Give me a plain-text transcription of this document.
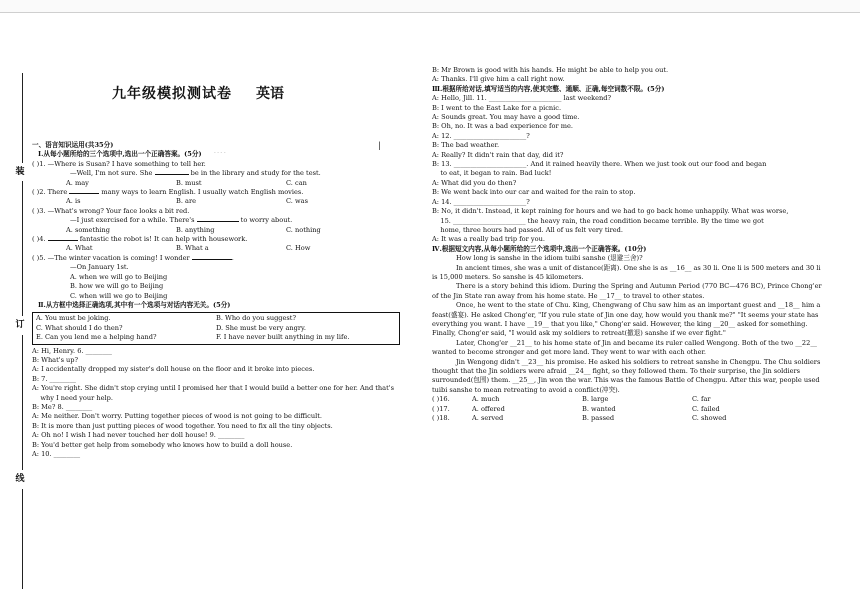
装
订
线
九年级模拟测试卷 英语
- - - -
|
一、语言知识运用(共35分)
Ⅰ.从每小题所给的三个选项中,选出一个正确答案。(5分)
( )1. —Where is Susan? I have something to tell her.
—Well, I'm not sure. She	be in the library and study for the test.
A. may	B. must	C. can
( )2. There	many ways to learn English. I usually watch English movies.
A. is	B. are	C. was
( )3. —What's wrong? Your face looks a bit red.
—I just exercised for a while. There's	to worry about.
A. something	B. anything	C. nothing
( )4.	fantastic the robot is! It can help with housework.
A. What	B. What a	C. How
( )5. —The winter vacation is coming! I wonder	.
—On January 1st.
A. when we will go to Beijing
B. how we will go to Beijing
C. when will we go to Beijing
Ⅱ.从方框中选择正确选项,其中有一个选项与对话内容无关。(5分)
A. You must be joking.	B. Who do you suggest?
C. What should I do then?	D. She must be very angry.
E. Can you lend me a helping hand?	F. I have never built anything in my life.
A: Hi, Henry. 6. ________
B: What's up?
A: I accidentally dropped my sister's doll house on the floor and it broke into pieces.
B: 7. ________
A: You're right. She didn't stop crying until I promised her that I would build a better one for her. And that's
why I need your help.
B: Me? 8. ________
A: Me neither. Don't worry. Putting together pieces of wood is not going to be difficult.
B: It is more than just putting pieces of wood together. You need to fix all the tiny objects.
A: Oh no! I wish I had never touched her doll house! 9. ________
B: You'd better get help from somebody who knows how to build a doll house.
A: 10. ________
B: Mr Brown is good with his hands. He might be able to help you out.
A: Thanks. I'll give him a call right now.
Ⅲ.根据所给对话,填写适当的内容,使其完整、通顺、正确,每空词数不限。(5分)
A: Hello, Jill. 11. ______________________ last weekend?
B: I went to the East Lake for a picnic.
A: Sounds great. You may have a good time.
B: Oh, no. It was a bad experience for me.
A: 12. ______________________?
B: The bad weather.
A: Really? It didn't rain that day, did it?
B: 13. ______________________. And it rained heavily there. When we just took out our food and began
to eat, it began to rain. Bad luck!
A: What did you do then?
B: We went back into our car and waited for the rain to stop.
A: 14. ______________________?
B: No, it didn't. Instead, it kept raining for hours and we had to go back home unhappily. What was worse,
15. ______________________ the heavy rain, the road condition became terrible. By the time we got
home, three hours had passed. All of us felt very tired.
A: It was a really bad trip for you.
Ⅳ.根据短文内容,从每小题所给的三个选项中,选出一个正确答案。(10分)
How long is sanshe in the idiom tuibi sanshe (退避三舍)?
In ancient times, she was a unit of distance(距离). One she is as __16__ as 30 li. One li is 500 meters and 30 li is 15,000 meters. So sanshe is 45 kilometers.
There is a story behind this idiom. During the Spring and Autumn Period (770 BC—476 BC), Prince Chong'er of the Jin State ran away from his home state. He __17__ to travel to other states.
Once, he went to the state of Chu. King, Chengwang of Chu saw him as an important guest and __18__ him a feast(盛宴). He asked Chong'er, "If you rule state of Jin one day, how would you thank me?" "It seems your state has everything you want. I have __19__ that you like," Chong'er said. However, the king __20__ asked for something. Finally, Chong'er said, "I would ask my soldiers to retreat(撤退) sanshe if we ever fight."
Later, Chong'er __21__ to his home state of Jin and became its ruler called Wengong. Both of the two __22__ wanted to become stronger and get more land. They went to war with each other.
Jin Wengong didn't __23__ his promise. He asked his soldiers to retreat sanshe in Chengpu. The Chu soldiers thought that the Jin soldiers were afraid __24__ fight, so they followed them. To their surprise, the Jin soldiers surrounded(包围) them. __25__, Jin won the war. This was the famous Battle of Chengpu. After this war, people used tuibi sanshe to mean retreating to avoid a conflict(冲突).
( )16.	A. much	B. large	C. far
( )17.	A. offered	B. wanted	C. failed
( )18.	A. served	B. passed	C. showed
